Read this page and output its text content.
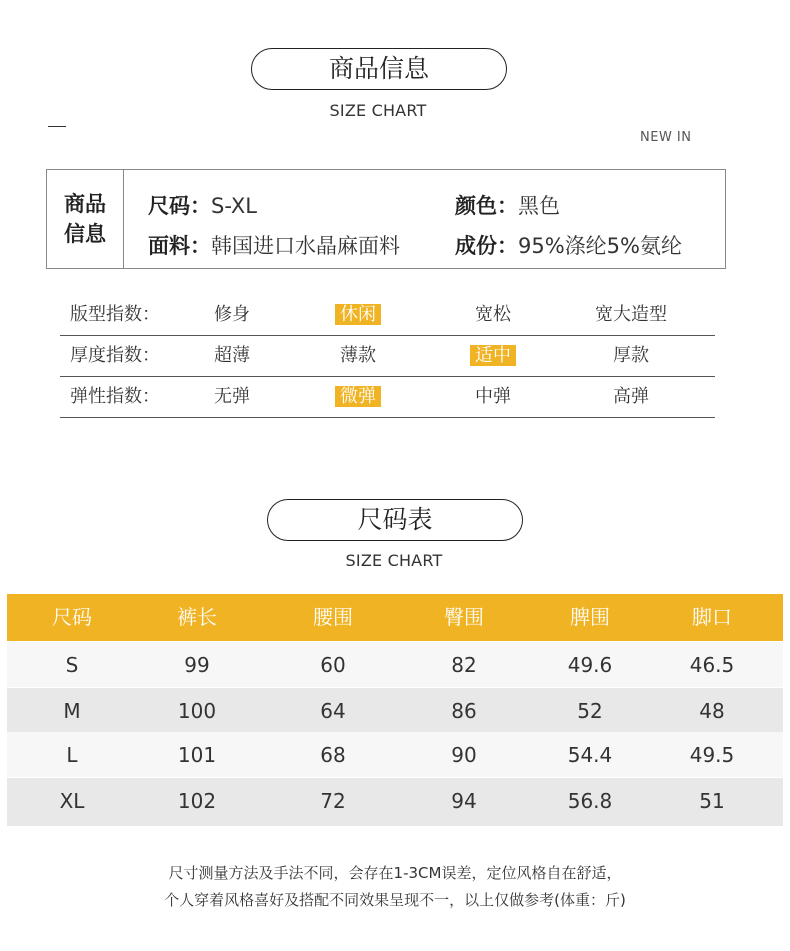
商品信息
SIZE CHART
NEW IN
商品信息
尺码：S-XL	颜色：黑色
面料：韩国进口水晶麻面料	成份：95%涤纶5%氨纶
版型指数：	修身	休闲	宽松	宽大造型
厚度指数：	超薄	薄款	适中	厚款
弹性指数：	无弹	微弹	中弹	高弹
尺码表
SIZE CHART
尺码	裤长	腰围	臀围	脾围	脚口
S	99	60	82	49.6	46.5
M	100	64	86	52	48
L	101	68	90	54.4	49.5
XL	102	72	94	56.8	51
尺寸测量方法及手法不同，会存在1-3CM误差，定位风格自在舒适，
个人穿着风格喜好及搭配不同效果呈现不一，以上仅做参考(体重：斤)
